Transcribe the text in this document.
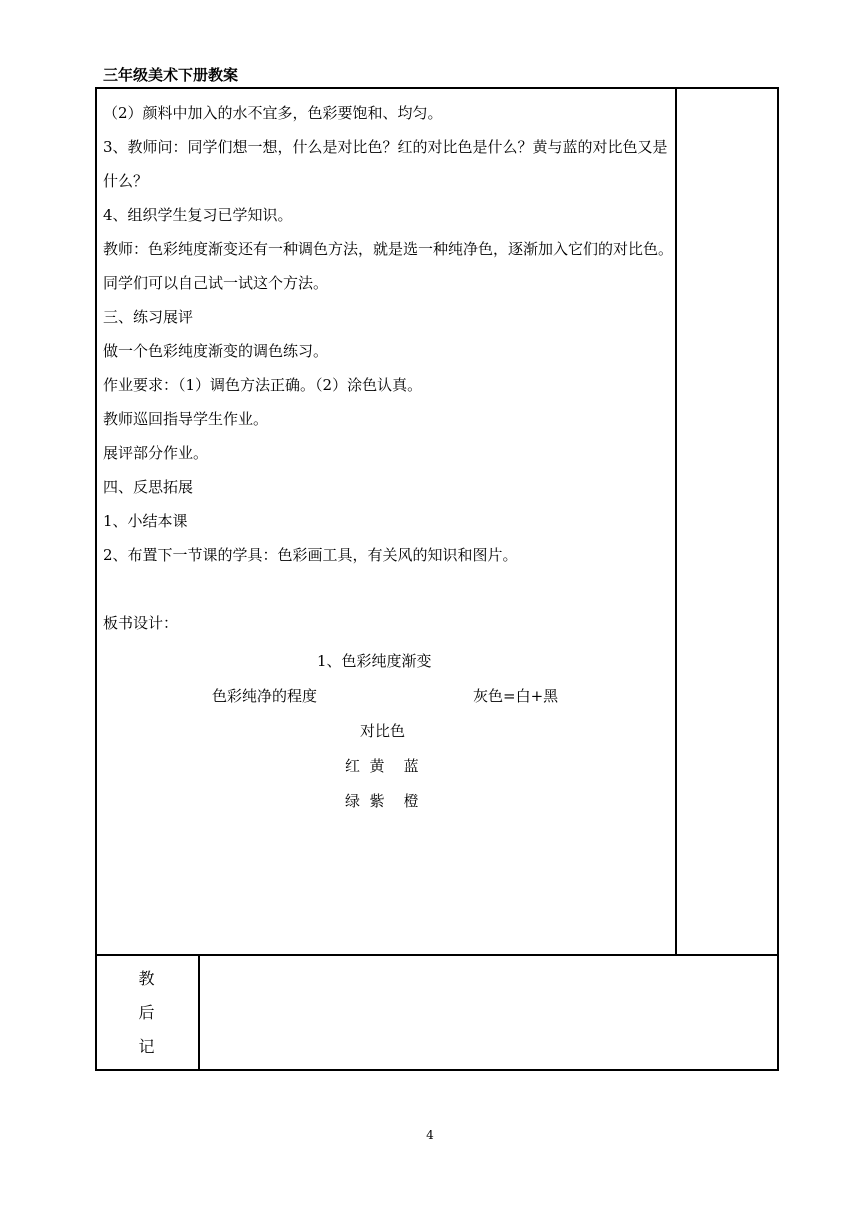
三年级美术下册教案
（2）颜料中加入的水不宜多，色彩要饱和、均匀。
3、教师问：同学们想一想，什么是对比色？红的对比色是什么？黄与蓝的对比色又是什么？
4、组织学生复习已学知识。
教师：色彩纯度渐变还有一种调色方法，就是选一种纯净色，逐渐加入它们的对比色。同学们可以自己试一试这个方法。
三、练习展评
做一个色彩纯度渐变的调色练习。
作业要求：（1）调色方法正确。（2）涂色认真。
教师巡回指导学生作业。
展评部分作业。
四、反思拓展
1、小结本课
2、布置下一节课的学具：色彩画工具，有关风的知识和图片。
板书设计：
1、色彩纯度渐变
色彩纯净的程度	灰色=白+黑
对比色
红  黄    蓝
绿  紫    橙
教
后
记
4
